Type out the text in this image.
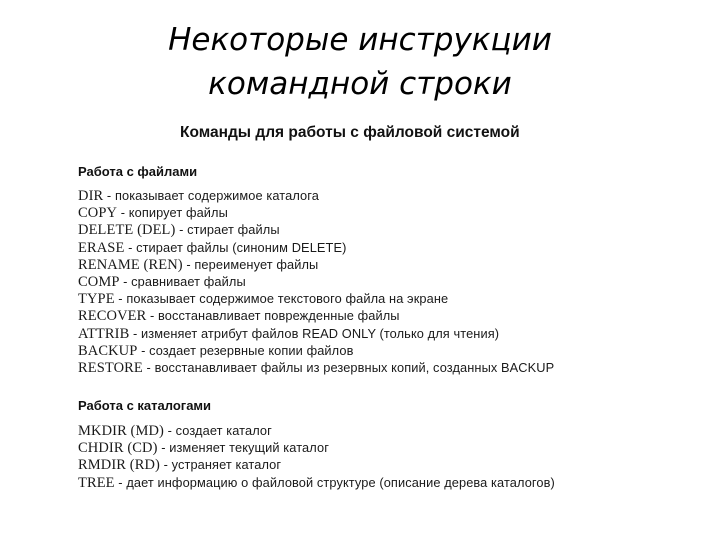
Некоторые инструкции
командной строки
Команды для работы с файловой системой
Работа с файлами
DIR - показывает содержимое каталога
COPY - копирует файлы
DELETE (DEL) - стирает файлы
ERASE - стирает файлы (синоним DELETE)
RENAME (REN) - переименует файлы
COMP - сравнивает файлы
TYPE - показывает содержимое текстового файла на экране
RECOVER - восстанавливает поврежденные файлы
ATTRIB - изменяет атрибут файлов READ ONLY (только для чтения)
BACKUP - создает резервные копии файлов
RESTORE - восстанавливает файлы из резервных копий, созданных BACKUP
Работа с каталогами
MKDIR (MD) - создает каталог
CHDIR (CD) - изменяет текущий каталог
RMDIR (RD) - устраняет каталог
TREE - дает информацию о файловой структуре (описание дерева каталогов)
